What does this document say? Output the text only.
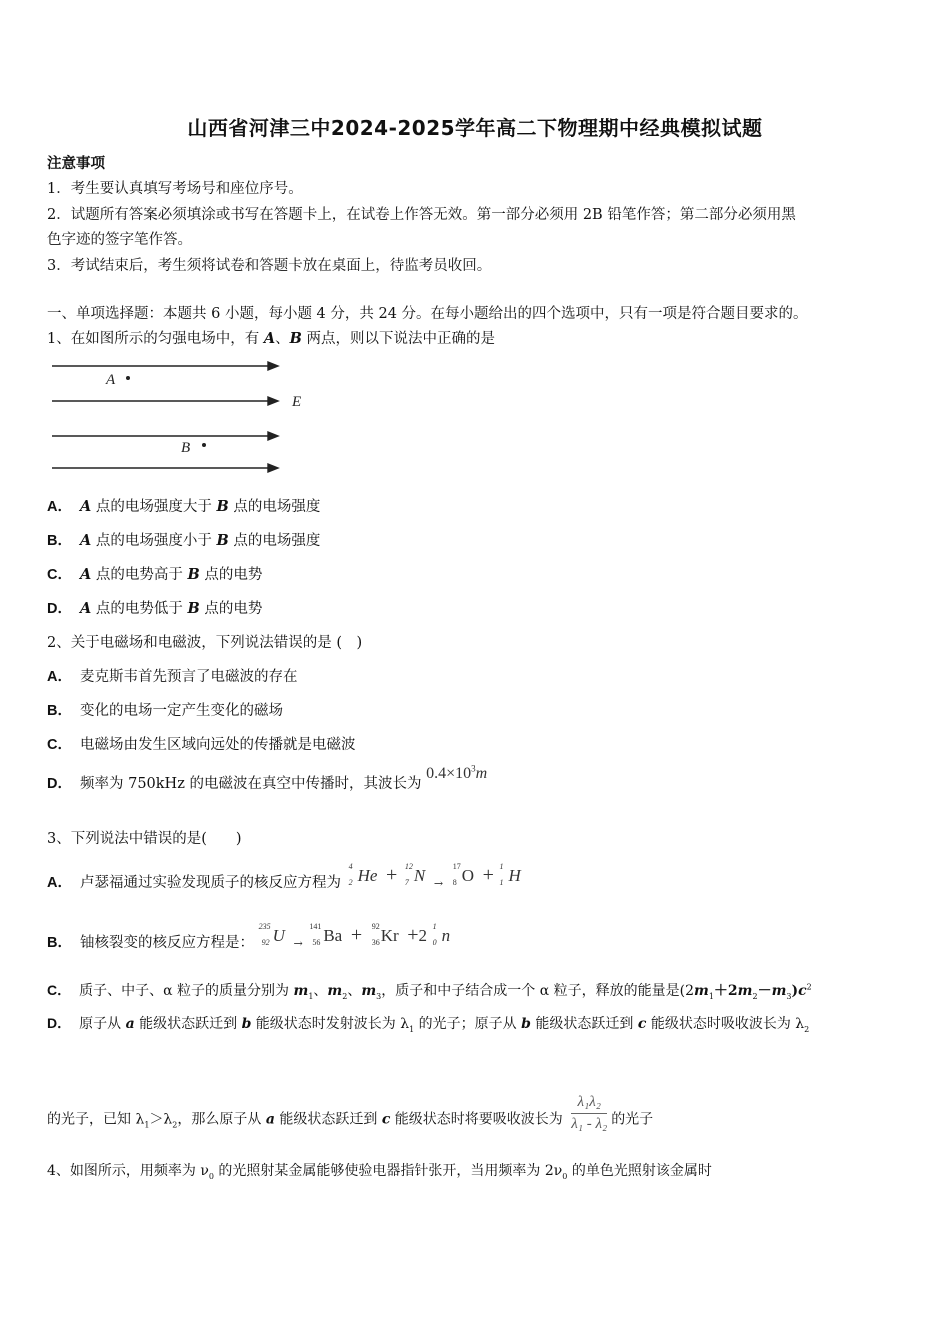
山西省河津三中2024-2025学年高二下物理期中经典模拟试题
注意事项
1．考生要认真填写考场号和座位序号。
2．试题所有答案必须填涂或书写在答题卡上，在试卷上作答无效。第一部分必须用 2B 铅笔作答；第二部分必须用黑
色字迹的签字笔作答。
3．考试结束后，考生须将试卷和答题卡放在桌面上，待监考员收回。
一、单项选择题：本题共 6 小题，每小题 4 分，共 24 分。在每小题给出的四个选项中，只有一项是符合题目要求的。
1、在如图所示的匀强电场中，有 A、B 两点，则以下说法中正确的是
A
B
E
A． A 点的电场强度大于 B 点的电场强度
B． A 点的电场强度小于 B 点的电场强度
C． A 点的电势高于 B 点的电势
D． A 点的电势低于 B 点的电势
2、关于电磁场和电磁波，下列说法错误的是 (　)
A． 麦克斯韦首先预言了电磁波的存在
B． 变化的电场一定产生变化的磁场
C． 电磁场由发生区域向远处的传播就是电磁波
D． 频率为 750kHz 的电磁波在真空中传播时，其波长为 $0.4\times 10^3m$
3、下列说法中错误的是(　　)
A． 卢瑟福通过实验发现质子的核反应方程为
4
2 He + 12
7 N $_\to$
17
8 O + 1
1 H
B． 铀核裂变的核反应方程是：
235
92 U $_\to$
141
56 Ba + 92
36 Kr +2 1
0 n
C． 质子、中子、α 粒子的质量分别为 $m_1$、$m_2$、$m_3$，质子和中子结合成一个 α 粒子，释放的能量是$(2m_1+2m_2-m_3)c^2$
D． 原子从 a 能级状态跃迁到 b 能级状态时发射波长为 $\lambda_1$ 的光子；原子从 b 能级状态跃迁到 c 能级状态时吸收波长为 $\lambda_2$
的光子，已知 $\lambda_1>\lambda_2$，那么原子从 a 能级状态跃迁到 c 能级状态时将要吸收波长为 $\frac{\text{λ₁λ₂}}{\text{λ₁ - λ₂}}$ 的光子
4、如图所示，用频率为 $\nu_0$ 的光照射某金属能够使验电器指针张开，当用频率为 $2\nu_0$ 的单色光照射该金属时
